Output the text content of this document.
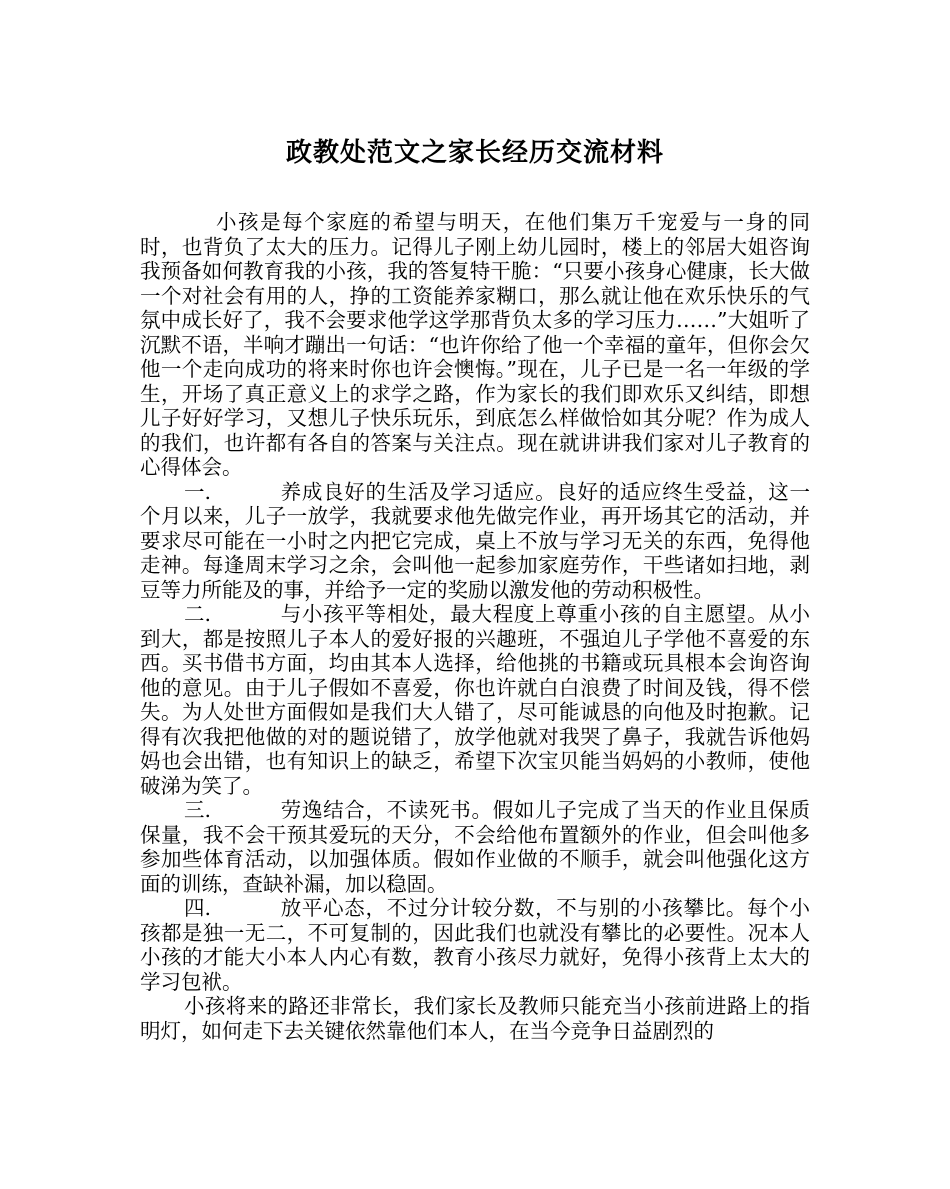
政教处范文之家长经历交流材料

小孩是每个家庭的希望与明天，在他们集万千宠爱与一身的同时，也背负了太大的压力。记得儿子刚上幼儿园时，楼上的邻居大姐咨询我预备如何教育我的小孩，我的答复特干脆：“只要小孩身心健康，长大做一个对社会有用的人，挣的工资能养家糊口，那么就让他在欢乐快乐的气氛中成长好了，我不会要求他学这学那背负太多的学习压力……”大姐听了沉默不语，半响才蹦出一句话：“也许你给了他一个幸福的童年，但你会欠他一个走向成功的将来时你也许会懊悔。”现在，儿子已是一名一年级的学生，开场了真正意义上的求学之路，作为家长的我们即欢乐又纠结，即想儿子好好学习，又想儿子快乐玩乐，到底怎么样做恰如其分呢？作为成人的我们，也许都有各自的答案与关注点。现在就讲讲我们家对儿子教育的心得体会。

一.	养成良好的生活及学习适应。良好的适应终生受益，这一个月以来，儿子一放学，我就要求他先做完作业，再开场其它的活动，并要求尽可能在一小时之内把它完成，桌上不放与学习无关的东西，免得他走神。每逢周末学习之余，会叫他一起参加家庭劳作，干些诸如扫地，剥豆等力所能及的事，并给予一定的奖励以激发他的劳动积极性。

二.	与小孩平等相处，最大程度上尊重小孩的自主愿望。从小到大，都是按照儿子本人的爱好报的兴趣班，不强迫儿子学他不喜爱的东西。买书借书方面，均由其本人选择，给他挑的书籍或玩具根本会询咨询他的意见。由于儿子假如不喜爱，你也许就白白浪费了时间及钱，得不偿失。为人处世方面假如是我们大人错了，尽可能诚恳的向他及时抱歉。记得有次我把他做的对的题说错了，放学他就对我哭了鼻子，我就告诉他妈妈也会出错，也有知识上的缺乏，希望下次宝贝能当妈妈的小教师，使他破涕为笑了。

三.	劳逸结合，不读死书。假如儿子完成了当天的作业且保质保量，我不会干预其爱玩的天分，不会给他布置额外的作业，但会叫他多参加些体育活动，以加强体质。假如作业做的不顺手，就会叫他强化这方面的训练，查缺补漏，加以稳固。

四.	放平心态，不过分计较分数，不与别的小孩攀比。每个小孩都是独一无二，不可复制的，因此我们也就没有攀比的必要性。况本人小孩的才能大小本人内心有数，教育小孩尽力就好，免得小孩背上太大的学习包袱。

小孩将来的路还非常长，我们家长及教师只能充当小孩前进路上的指明灯，如何走下去关键依然靠他们本人，在当今竞争日益剧烈的
